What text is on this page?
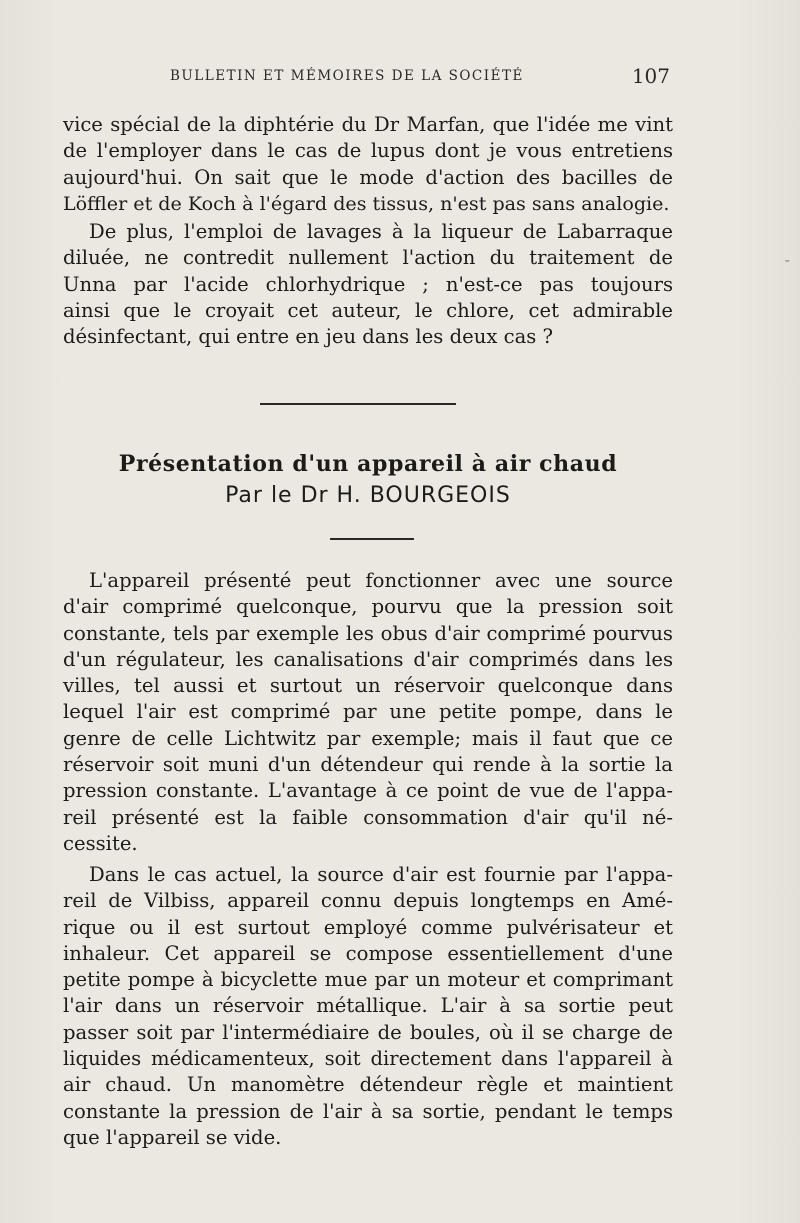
BULLETIN ET MÉMOIRES DE LA SOCIÉTÉ	107
vice spécial de la diphtérie du Dr Marfan, que l'idée me vint
de l'employer dans le cas de lupus dont je vous entretiens
aujourd'hui. On sait que le mode d'action des bacilles de
Löffler et de Koch à l'égard des tissus, n'est pas sans analogie.
De plus, l'emploi de lavages à la liqueur de Labarraque
diluée, ne contredit nullement l'action du traitement de
Unna par l'acide chlorhydrique ; n'est-ce pas toujours
ainsi que le croyait cet auteur, le chlore, cet admirable
désinfectant, qui entre en jeu dans les deux cas ?
Présentation d'un appareil à air chaud
Par le Dr H. BOURGEOIS
L'appareil présenté peut fonctionner avec une source
d'air comprimé quelconque, pourvu que la pression soit
constante, tels par exemple les obus d'air comprimé pourvus
d'un régulateur, les canalisations d'air comprimés dans les
villes, tel aussi et surtout un réservoir quelconque dans
lequel l'air est comprimé par une petite pompe, dans le
genre de celle Lichtwitz par exemple; mais il faut que ce
réservoir soit muni d'un détendeur qui rende à la sortie la
pression constante. L'avantage à ce point de vue de l'appa-
reil présenté est la faible consommation d'air qu'il né-
cessite.
Dans le cas actuel, la source d'air est fournie par l'appa-
reil de Vilbiss, appareil connu depuis longtemps en Amé-
rique ou il est surtout employé comme pulvérisateur et
inhaleur. Cet appareil se compose essentiellement d'une
petite pompe à bicyclette mue par un moteur et comprimant
l'air dans un réservoir métallique. L'air à sa sortie peut
passer soit par l'intermédiaire de boules, où il se charge de
liquides médicamenteux, soit directement dans l'appareil à
air chaud. Un manomètre détendeur règle et maintient
constante la pression de l'air à sa sortie, pendant le temps
que l'appareil se vide.
-
